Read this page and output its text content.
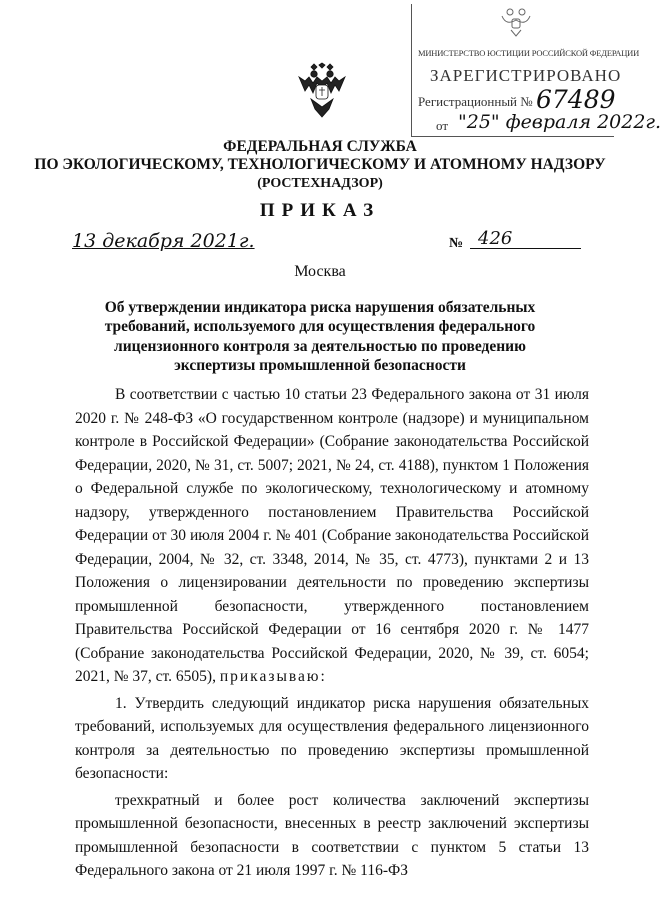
МИНИСТЕРСТВО ЮСТИЦИИ РОССИЙСКОЙ ФЕДЕРАЦИИ
ЗАРЕГИСТРИРОВАНО
Регистрационный № 67489
от "25" февраля 2022г.
ФЕДЕРАЛЬНАЯ СЛУЖБА
ПО ЭКОЛОГИЧЕСКОМУ, ТЕХНОЛОГИЧЕСКОМУ И АТОМНОМУ НАДЗОРУ
(РОСТЕХНАДЗОР)
ПРИКАЗ
13 декабря 2021г.	№ 426
Москва
Об утверждении индикатора риска нарушения обязательных требований, используемого для осуществления федерального лицензионного контроля за деятельностью по проведению экспертизы промышленной безопасности

В соответствии с частью 10 статьи 23 Федерального закона от 31 июля 2020 г. № 248-ФЗ «О государственном контроле (надзоре) и муниципальном контроле в Российской Федерации» (Собрание законодательства Российской Федерации, 2020, № 31, ст. 5007; 2021, № 24, ст. 4188), пунктом 1 Положения о Федеральной службе по экологическому, технологическому и атомному надзору, утвержденного постановлением Правительства Российской Федерации от 30 июля 2004 г. № 401 (Собрание законодательства Российской Федерации, 2004, № 32, ст. 3348, 2014, № 35, ст. 4773), пунктами 2 и 13 Положения о лицензировании деятельности по проведению экспертизы промышленной безопасности, утвержденного постановлением Правительства Российской Федерации от 16 сентября 2020 г. № 1477 (Собрание законодательства Российской Федерации, 2020, № 39, ст. 6054; 2021, № 37, ст. 6505), приказываю:

1. Утвердить следующий индикатор риска нарушения обязательных требований, используемых для осуществления федерального лицензионного контроля за деятельностью по проведению экспертизы промышленной безопасности:

трехкратный и более рост количества заключений экспертизы промышленной безопасности, внесенных в реестр заключений экспертизы промышленной безопасности в соответствии с пунктом 5 статьи 13 Федерального закона от 21 июля 1997 г. № 116-ФЗ
